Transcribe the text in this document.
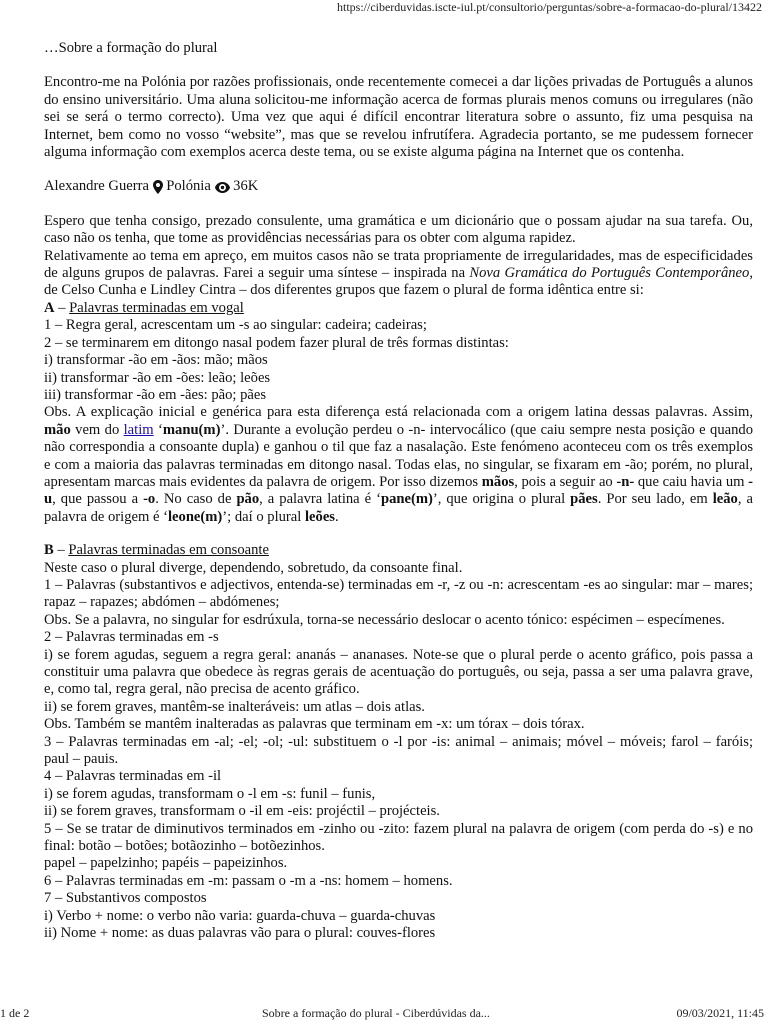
https://ciberduvidas.iscte-iul.pt/consultorio/perguntas/sobre-a-formacao-do-plural/13422

…Sobre a formação do plural

Encontro-me na Polónia por razões profissionais, onde recentemente comecei a dar lições privadas de Português a alunos do ensino universitário. Uma aluna solicitou-me informação acerca de formas plurais menos comuns ou irregulares (não sei se será o termo correcto). Uma vez que aqui é difícil encontrar literatura sobre o assunto, fiz uma pesquisa na Internet, bem como no vosso “website”, mas que se revelou infrutífera. Agradecia portanto, se me pudessem fornecer alguma informação com exemplos acerca deste tema, ou se existe alguma página na Internet que os contenha.

Alexandre Guerra

Polónia

36K

Espero que tenha consigo, prezado consulente, uma gramática e um dicionário que o possam ajudar na sua tarefa. Ou, caso não os tenha, que tome as providências necessárias para os obter com alguma rapidez.

Relativamente ao tema em apreço, em muitos casos não se trata propriamente de irregularidades, mas de especificidades de alguns grupos de palavras. Farei a seguir uma síntese – inspirada na Nova Gramática do Português Contemporâneo, de Celso Cunha e Lindley Cintra – dos diferentes grupos que fazem o plural de forma idêntica entre si:

A – Palavras terminadas em vogal

1 – Regra geral, acrescentam um -s ao singular: cadeira; cadeiras;

2 – se terminarem em ditongo nasal podem fazer plural de três formas distintas:

i) transformar -ão em -ãos: mão; mãos

ii) transformar -ão em -ões: leão; leões

iii) transformar -ão em -ães: pão; pães

Obs. A explicação inicial e genérica para esta diferença está relacionada com a origem latina dessas palavras. Assim, mão vem do latim ‘manu(m)’. Durante a evolução perdeu o -n- intervocálico (que caiu sempre nesta posição e quando não correspondia a consoante dupla) e ganhou o til que faz a nasalação. Este fenómeno aconteceu com os três exemplos e com a maioria das palavras terminadas em ditongo nasal. Todas elas, no singular, se fixaram em -ão; porém, no plural, apresentam marcas mais evidentes da palavra de origem. Por isso dizemos mãos, pois a seguir ao -n- que caiu havia um -u, que passou a -o. No caso de pão, a palavra latina é ‘pane(m)’, que origina o plural pães. Por seu lado, em leão, a palavra de origem é ‘leone(m)’; daí o plural leões.

B – Palavras terminadas em consoante

Neste caso o plural diverge, dependendo, sobretudo, da consoante final.

1 – Palavras (substantivos e adjectivos, entenda-se) terminadas em -r, -z ou -n: acrescentam -es ao singular: mar – mares; rapaz – rapazes; abdómen – abdómenes;

Obs. Se a palavra, no singular for esdrúxula, torna-se necessário deslocar o acento tónico: espécimen – especímenes.

2 – Palavras terminadas em -s

i) se forem agudas, seguem a regra geral: ananás – ananases. Note-se que o plural perde o acento gráfico, pois passa a constituir uma palavra que obedece às regras gerais de acentuação do português, ou seja, passa a ser uma palavra grave, e, como tal, regra geral, não precisa de acento gráfico.

ii) se forem graves, mantêm-se inalteráveis: um atlas – dois atlas.

Obs. Também se mantêm inalteradas as palavras que terminam em -x: um tórax – dois tórax.

3 – Palavras terminadas em -al; -el; -ol; -ul: substituem o -l por -is: animal – animais; móvel – móveis; farol – faróis; paul – pauis.

4 – Palavras terminadas em -il

i) se forem agudas, transformam o -l em -s: funil – funis,

ii) se forem graves, transformam o -il em -eis: projéctil – projécteis.

5 – Se se tratar de diminutivos terminados em -zinho ou -zito: fazem plural na palavra de origem (com perda do -s) e no final: botão – botões; botãozinho – botõezinhos.

papel – papelzinho; papéis – papeizinhos.

6 – Palavras terminadas em -m: passam o -m a -ns: homem – homens.

7 – Substantivos compostos

i) Verbo + nome: o verbo não varia: guarda-chuva – guarda-chuvas

ii) Nome + nome: as duas palavras vão para o plural: couves-flores

1 de 2	Sobre a formação do plural - Ciberdúvidas da...	09/03/2021, 11:45
